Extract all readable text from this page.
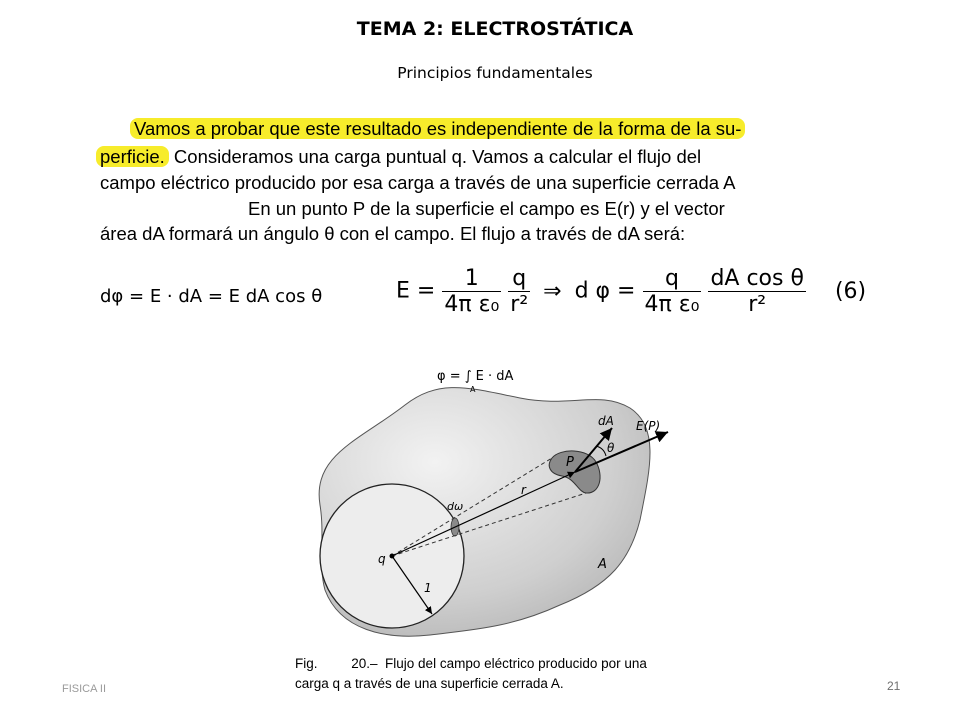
TEMA 2: ELECTROSTÁTICA
Principios fundamentales
Vamos a probar que este resultado es independiente de la forma de la su-
perficie. Consideramos una carga puntual q. Vamos a calcular el flujo del
campo eléctrico producido por esa carga a través de una superficie cerrada A
En un punto P de la superficie el campo es E(r) y el vector
área dA formará un ángulo θ con el campo. El flujo a través de dA será:
dφ = E · dA = E dA cos θ	$E = \frac{1}{\text{4π ε₀}}$
$\frac{q}{\text{r²}}$ ⇒ d $\varphi = \frac{q}{\text{4π ε₀}}$
$\frac{\text{dA cos θ}}{\text{r²}} (6)$
φ = ∫ E · dA
A
dA E(P)
θ
P
r
dω
q
1
A
Fig.         20.–  Flujo del campo eléctrico producido por una
carga q a través de una superficie cerrada A.
FISICA II	21
